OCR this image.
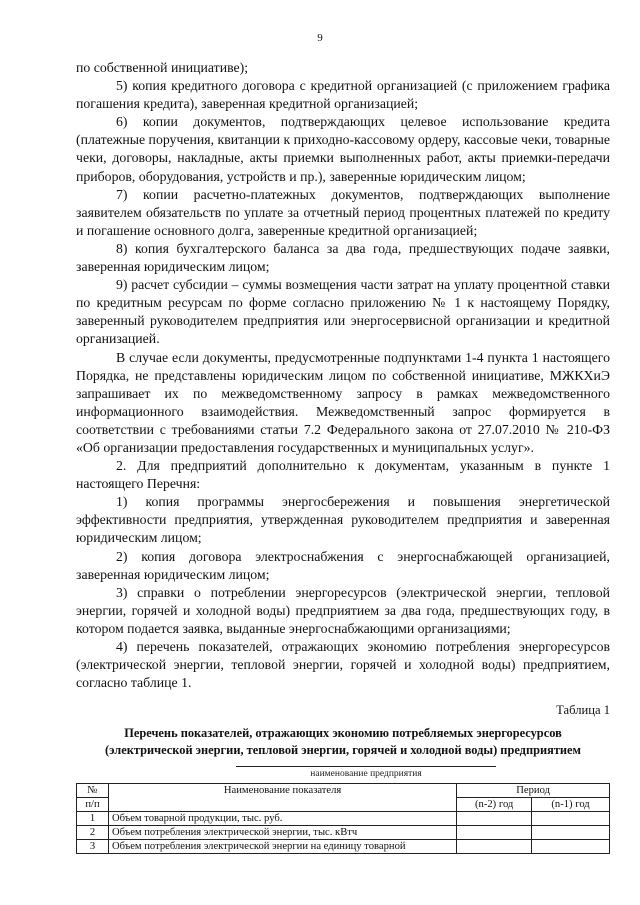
9

по собственной инициативе);

5) копия кредитного договора с кредитной организацией (с приложением графика погашения кредита), заверенная кредитной организацией;

6) копии документов, подтверждающих целевое использование кредита (платежные поручения, квитанции к приходно-кассовому ордеру, кассовые чеки, товарные чеки, договоры, накладные, акты приемки выполненных работ, акты приемки-передачи приборов, оборудования, устройств и пр.), заверенные юридическим лицом;

7) копии расчетно-платежных документов, подтверждающих выполнение заявителем обязательств по уплате за отчетный период процентных платежей по кредиту и погашение основного долга, заверенные кредитной организацией;

8) копия бухгалтерского баланса за два года, предшествующих подаче заявки, заверенная юридическим лицом;

9) расчет субсидии – суммы возмещения части затрат на уплату процентной ставки по кредитным ресурсам по форме согласно приложению № 1 к настоящему Порядку, заверенный руководителем предприятия или энергосервисной организации и кредитной организацией.

В случае если документы, предусмотренные подпунктами 1-4 пункта 1 настоящего Порядка, не представлены юридическим лицом по собственной инициативе, МЖКХиЭ запрашивает их по межведомственному запросу в рамках межведомственного информационного взаимодействия. Межведомственный запрос формируется в соответствии с требованиями статьи 7.2 Федерального закона от 27.07.2010 № 210-ФЗ «Об организации предоставления государственных и муниципальных услуг».

2. Для предприятий дополнительно к документам, указанным в пункте 1 настоящего Перечня:

1) копия программы энергосбережения и повышения энергетической эффективности предприятия, утвержденная руководителем предприятия и заверенная юридическим лицом;

2) копия договора электроснабжения с энергоснабжающей организацией, заверенная юридическим лицом;

3) справки о потреблении энергоресурсов (электрической энергии, тепловой энергии, горячей и холодной воды) предприятием за два года, предшествующих году, в котором подается заявка, выданные энергоснабжающими организациями;

4) перечень показателей, отражающих экономию потребления энергоресурсов (электрической энергии, тепловой энергии, горячей и холодной воды) предприятием, согласно таблице 1.

Таблица 1
Перечень показателей, отражающих экономию потребляемых энергоресурсов
(электрической энергии, тепловой энергии, горячей и холодной воды) предприятием
наименование предприятия
№	Наименование показателя	Период	
п/п		(n-2) год	(n-1) год
1	Объем товарной продукции, тыс. руб.		
2	Объем потребления электрической энергии, тыс. кВтч		
3	Объем потребления электрической энергии на единицу товарной		
